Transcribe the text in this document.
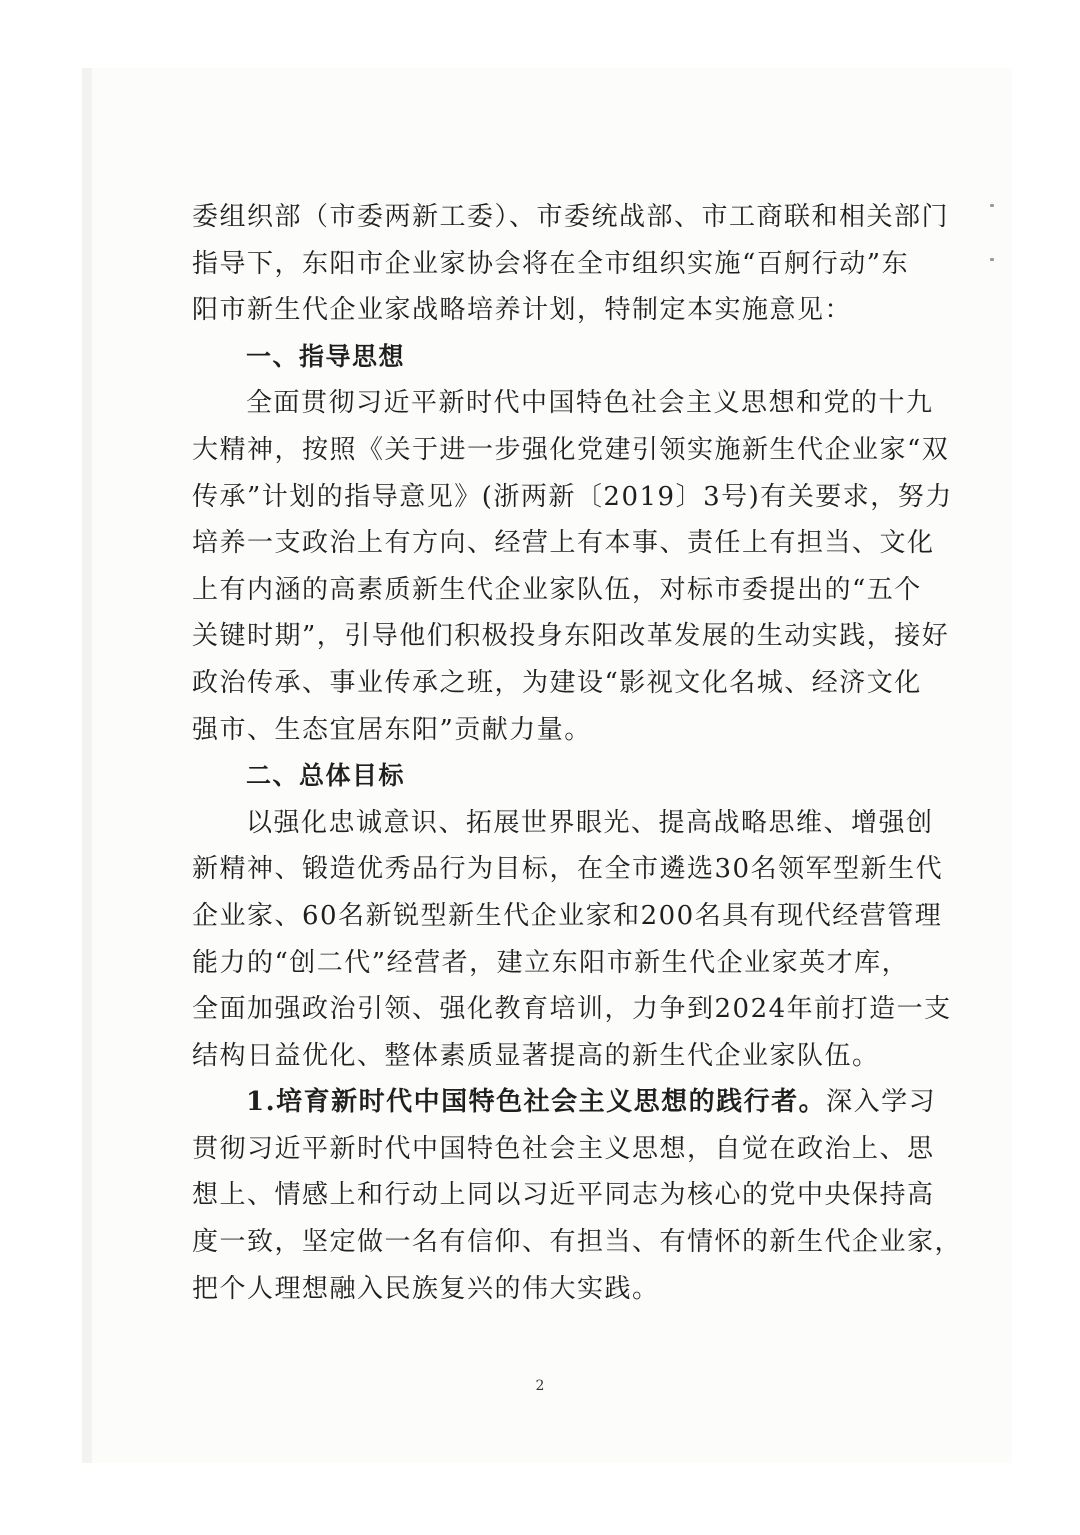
委组织部（市委两新工委）、市委统战部、市工商联和相关部门
指导下，东阳市企业家协会将在全市组织实施“百舸行动”东
阳市新生代企业家战略培养计划，特制定本实施意见：
一、指导思想
全面贯彻习近平新时代中国特色社会主义思想和党的十九
大精神，按照《关于进一步强化党建引领实施新生代企业家“双
传承”计划的指导意见》(浙两新〔2019〕3号)有关要求，努力
培养一支政治上有方向、经营上有本事、责任上有担当、文化
上有内涵的高素质新生代企业家队伍，对标市委提出的“五个
关键时期”，引导他们积极投身东阳改革发展的生动实践，接好
政治传承、事业传承之班，为建设“影视文化名城、经济文化
强市、生态宜居东阳”贡献力量。
二、总体目标
以强化忠诚意识、拓展世界眼光、提高战略思维、增强创
新精神、锻造优秀品行为目标，在全市遴选30名领军型新生代
企业家、60名新锐型新生代企业家和200名具有现代经营管理
能力的“创二代”经营者，建立东阳市新生代企业家英才库，
全面加强政治引领、强化教育培训，力争到2024年前打造一支
结构日益优化、整体素质显著提高的新生代企业家队伍。
1.培育新时代中国特色社会主义思想的践行者。深入学习
贯彻习近平新时代中国特色社会主义思想，自觉在政治上、思
想上、情感上和行动上同以习近平同志为核心的党中央保持高
度一致，坚定做一名有信仰、有担当、有情怀的新生代企业家，
把个人理想融入民族复兴的伟大实践。
2
